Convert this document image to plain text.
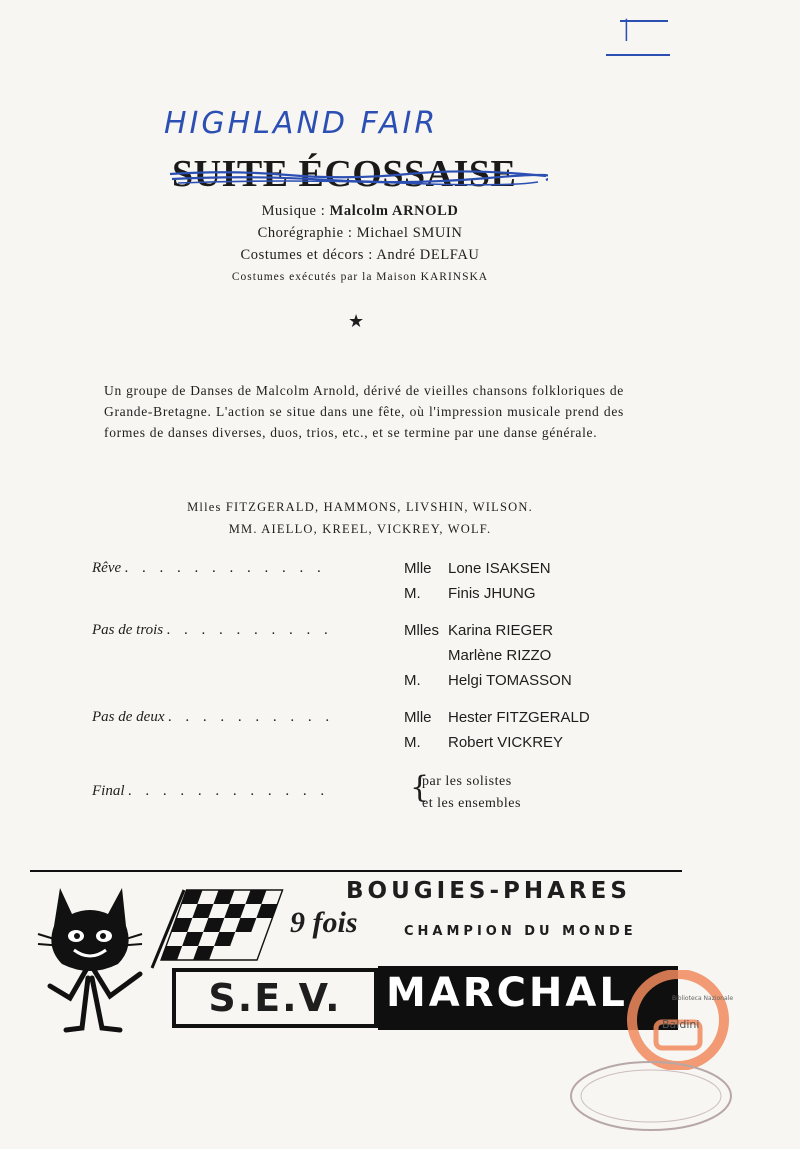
I
HIGHLAND FAIR
SUITE ÉCOSSAISE
Musique : Malcolm ARNOLD
Chorégraphie : Michael SMUIN
Costumes et décors : André DELFAU
Costumes exécutés par la Maison KARINSKA
★
Un groupe de Danses de Malcolm Arnold, dérivé de vieilles chansons folkloriques de Grande-Bretagne. L'action se situe dans une fête, où l'impression musicale prend des formes de danses diverses, duos, trios, etc., et se termine par une danse générale.
Mlles FITZGERALD, HAMMONS, LIVSHIN, WILSON.
MM. AIELLO, KREEL, VICKREY, WOLF.
Rêve . . . . . . . . . . . .	Mlle Lone ISAKSEN
M. Finis JHUNG
Pas de trois . . . . . . . . . .	Mlles Karina RIEGER
Marlène RIZZO
M. Helgi TOMASSON
Pas de deux . . . . . . . . . .	Mlle Hester FITZGERALD
M. Robert VICKREY
Final . . . . . . . . . . . .	{
par les solistes
et les ensembles
BOUGIES-PHARES
9 fois	CHAMPION DU MONDE
S.E.V.	MARCHAL
Baldini
Biblioteca Nazionale
